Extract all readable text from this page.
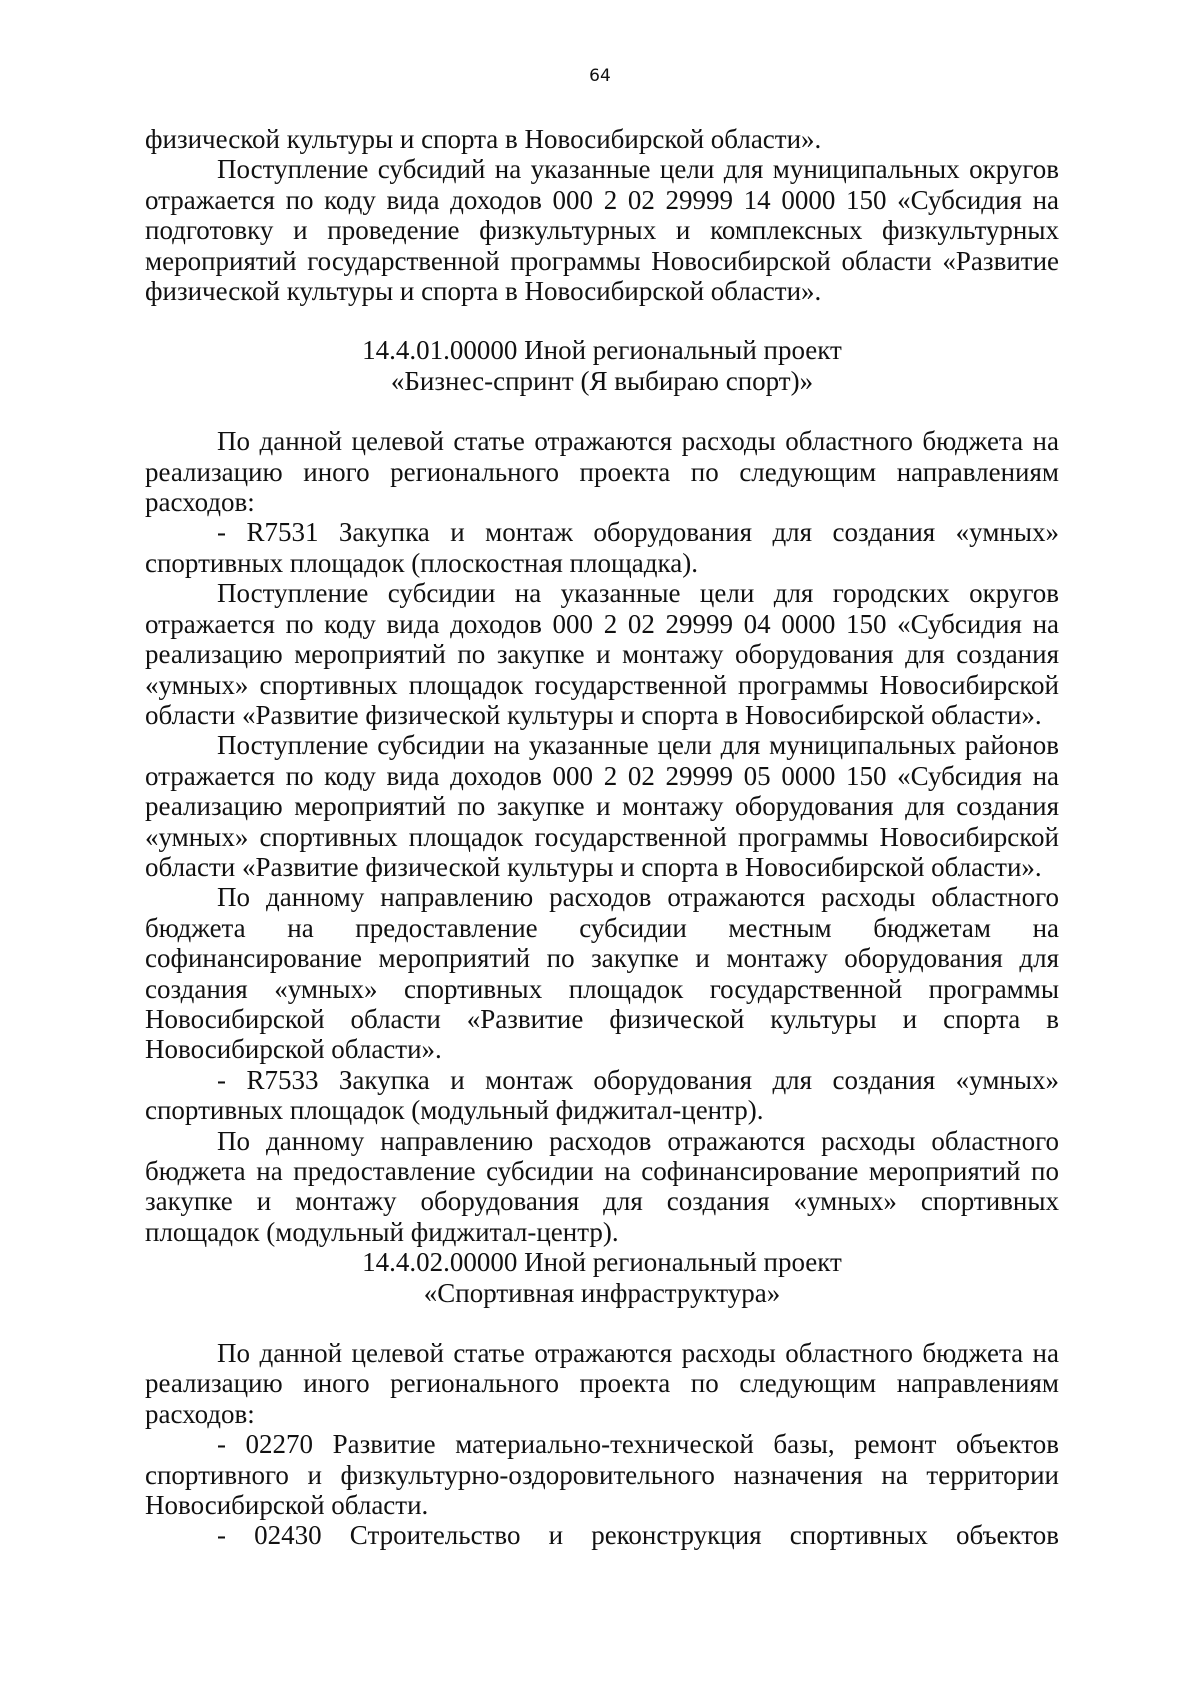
64

физической культуры и спорта в Новосибирской области».

Поступление субсидий на указанные цели для муниципальных округов отражается по коду вида доходов 000 2 02 29999 14 0000 150 «Субсидия на подготовку и проведение физкультурных и комплексных физкультурных мероприятий государственной программы Новосибирской области «Развитие физической культуры и спорта в Новосибирской области».

14.4.01.00000 Иной региональный проект
«Бизнес-спринт (Я выбираю спорт)»

По данной целевой статье отражаются расходы областного бюджета на реализацию иного регионального проекта по следующим направлениям расходов:

- R7531 Закупка и монтаж оборудования для создания «умных» спортивных площадок (плоскостная площадка).

Поступление субсидии на указанные цели для городских округов отражается по коду вида доходов 000 2 02 29999 04 0000 150 «Субсидия на реализацию мероприятий по закупке и монтажу оборудования для создания «умных» спортивных площадок государственной программы Новосибирской области «Развитие физической культуры и спорта в Новосибирской области».

Поступление субсидии на указанные цели для муниципальных районов отражается по коду вида доходов 000 2 02 29999 05 0000 150 «Субсидия на реализацию мероприятий по закупке и монтажу оборудования для создания «умных» спортивных площадок государственной программы Новосибирской области «Развитие физической культуры и спорта в Новосибирской области».

По данному направлению расходов отражаются расходы областного бюджета на предоставление субсидии местным бюджетам на софинансирование мероприятий по закупке и монтажу оборудования для создания «умных» спортивных площадок государственной программы Новосибирской области «Развитие физической культуры и спорта в Новосибирской области».

- R7533 Закупка и монтаж оборудования для создания «умных» спортивных площадок (модульный фиджитал-центр).

По данному направлению расходов отражаются расходы областного бюджета на предоставление субсидии на софинансирование мероприятий по закупке и монтажу оборудования для создания «умных» спортивных площадок (модульный фиджитал-центр).

14.4.02.00000 Иной региональный проект
«Спортивная инфраструктура»

По данной целевой статье отражаются расходы областного бюджета на реализацию иного регионального проекта по следующим направлениям расходов:

- 02270 Развитие материально-технической базы, ремонт объектов спортивного и физкультурно-оздоровительного назначения на территории Новосибирской области.

- 02430 Строительство и реконструкция спортивных объектов
